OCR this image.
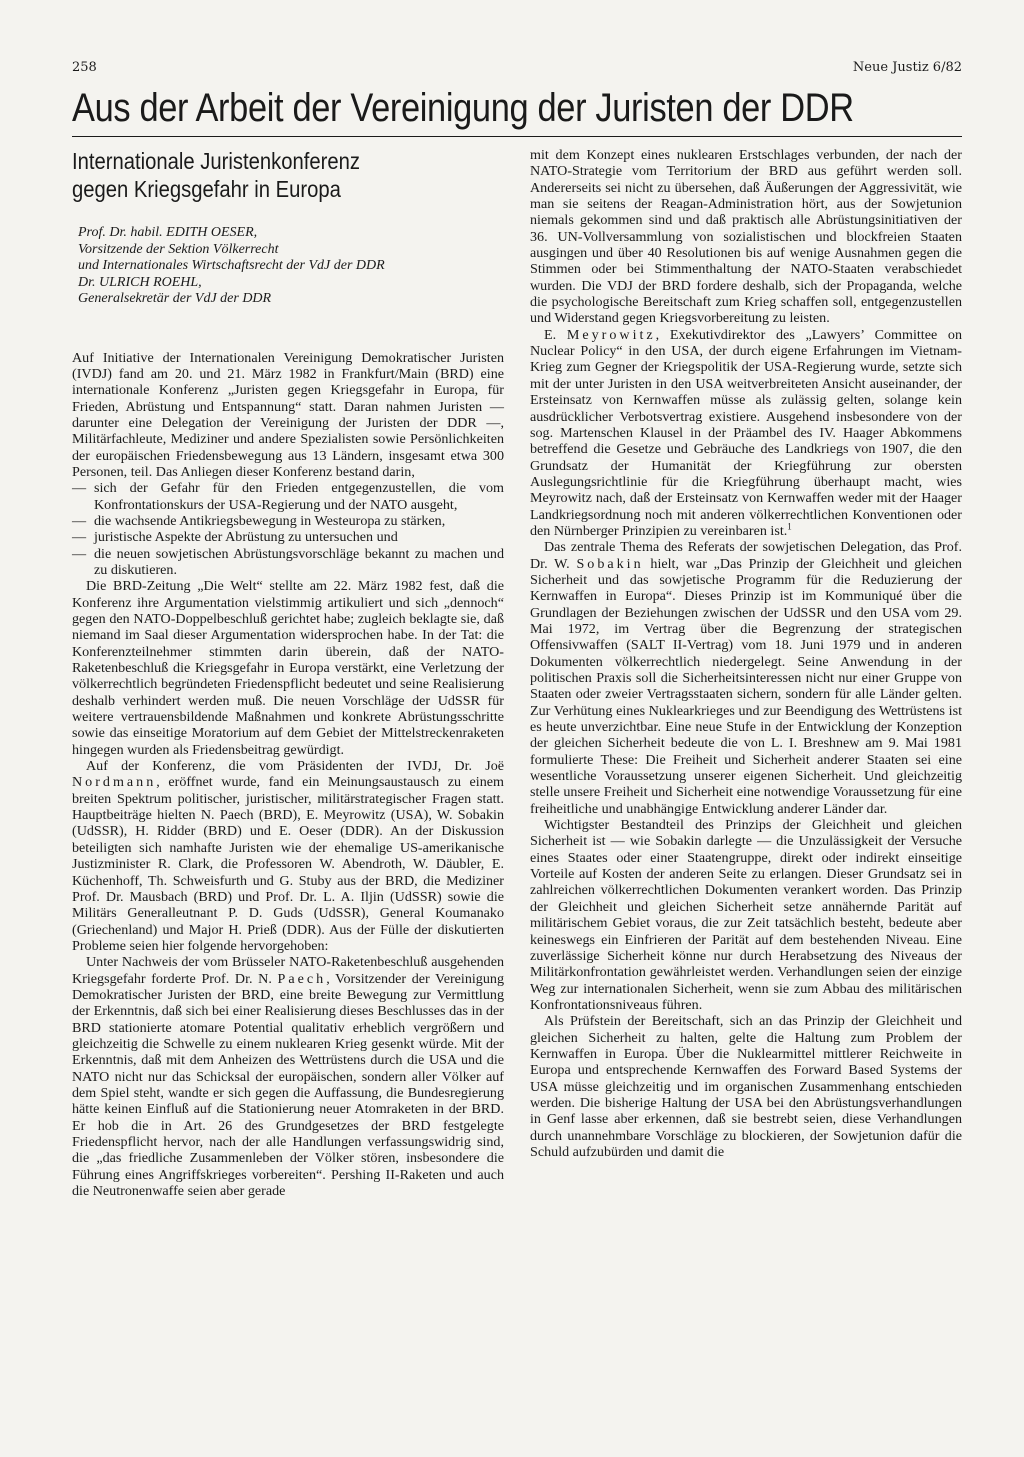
258	Neue Justiz 6/82
Aus der Arbeit der Vereinigung der Juristen der DDR
Internationale Juristenkonferenz
gegen Kriegsgefahr in Europa
Prof. Dr. habil. EDITH OESER,
Vorsitzende der Sektion Völkerrecht
und Internationales Wirtschaftsrecht der VdJ der DDR
Dr. ULRICH ROEHL,
Generalsekretär der VdJ der DDR

Auf Initiative der Internationalen Vereinigung Demokratischer Juristen (IVDJ) fand am 20. und 21. März 1982 in Frankfurt/Main (BRD) eine internationale Konferenz „Juristen gegen Kriegsgefahr in Europa, für Frieden, Abrüstung und Entspannung“ statt. Daran nahmen Juristen — darunter eine Delegation der Vereinigung der Juristen der DDR —, Militärfachleute, Mediziner und andere Spezialisten sowie Persönlichkeiten der europäischen Friedensbewegung aus 13 Ländern, insgesamt etwa 300 Personen, teil. Das Anliegen dieser Konferenz bestand darin,

— sich der Gefahr für den Frieden entgegenzustellen, die vom Konfrontationskurs der USA-Regierung und der NATO ausgeht,
— die wachsende Antikriegsbewegung in Westeuropa zu stärken,
— juristische Aspekte der Abrüstung zu untersuchen und
— die neuen sowjetischen Abrüstungsvorschläge bekannt zu machen und zu diskutieren.

Die BRD-Zeitung „Die Welt“ stellte am 22. März 1982 fest, daß die Konferenz ihre Argumentation vielstimmig artikuliert und sich „dennoch“ gegen den NATO-Doppelbeschluß gerichtet habe; zugleich beklagte sie, daß niemand im Saal dieser Argumentation widersprochen habe. In der Tat: die Konferenzteilnehmer stimmten darin überein, daß der NATO-Raketenbeschluß die Kriegsgefahr in Europa verstärkt, eine Verletzung der völkerrechtlich begründeten Friedenspflicht bedeutet und seine Realisierung deshalb verhindert werden muß. Die neuen Vorschläge der UdSSR für weitere vertrauensbildende Maßnahmen und konkrete Abrüstungsschritte sowie das einseitige Moratorium auf dem Gebiet der Mittelstreckenraketen hingegen wurden als Friedensbeitrag gewürdigt.

Auf der Konferenz, die vom Präsidenten der IVDJ, Dr. Joë Nordmann, eröffnet wurde, fand ein Meinungsaustausch zu einem breiten Spektrum politischer, juristischer, militärstrategischer Fragen statt. Hauptbeiträge hielten N. Paech (BRD), E. Meyrowitz (USA), W. Sobakin (UdSSR), H. Ridder (BRD) und E. Oeser (DDR). An der Diskussion beteiligten sich namhafte Juristen wie der ehemalige US-amerikanische Justizminister R. Clark, die Professoren W. Abendroth, W. Däubler, E. Küchenhoff, Th. Schweisfurth und G. Stuby aus der BRD, die Mediziner Prof. Dr. Mausbach (BRD) und Prof. Dr. L. A. Iljin (UdSSR) sowie die Militärs Generalleutnant P. D. Guds (UdSSR), General Koumanako (Griechenland) und Major H. Prieß (DDR). Aus der Fülle der diskutierten Probleme seien hier folgende hervorgehoben:

Unter Nachweis der vom Brüsseler NATO-Raketenbeschluß ausgehenden Kriegsgefahr forderte Prof. Dr. N. Paech, Vorsitzender der Vereinigung Demokratischer Juristen der BRD, eine breite Bewegung zur Vermittlung der Erkenntnis, daß sich bei einer Realisierung dieses Beschlusses das in der BRD stationierte atomare Potential qualitativ erheblich vergrößern und gleichzeitig die Schwelle zu einem nuklearen Krieg gesenkt würde. Mit der Erkenntnis, daß mit dem Anheizen des Wettrüstens durch die USA und die NATO nicht nur das Schicksal der europäischen, sondern aller Völker auf dem Spiel steht, wandte er sich gegen die Auffassung, die Bundesregierung hätte keinen Einfluß auf die Stationierung neuer Atomraketen in der BRD. Er hob die in Art. 26 des Grundgesetzes der BRD festgelegte Friedenspflicht hervor, nach der alle Handlungen verfassungswidrig sind, die „das friedliche Zusammenleben der Völker stören, insbesondere die Führung eines Angriffskrieges vorbereiten“. Pershing II-Raketen und auch die Neutronenwaffe seien aber gerade

mit dem Konzept eines nuklearen Erstschlages verbunden, der nach der NATO-Strategie vom Territorium der BRD aus geführt werden soll. Andererseits sei nicht zu übersehen, daß Äußerungen der Aggressivität, wie man sie seitens der Reagan-Administration hört, aus der Sowjetunion niemals gekommen sind und daß praktisch alle Abrüstungsinitiativen der 36. UN-Vollversammlung von sozialistischen und blockfreien Staaten ausgingen und über 40 Resolutionen bis auf wenige Ausnahmen gegen die Stimmen oder bei Stimmenthaltung der NATO-Staaten verabschiedet wurden. Die VDJ der BRD fordere deshalb, sich der Propaganda, welche die psychologische Bereitschaft zum Krieg schaffen soll, entgegenzustellen und Widerstand gegen Kriegsvorbereitung zu leisten.

E. Meyrowitz, Exekutivdirektor des „Lawyers’ Committee on Nuclear Policy“ in den USA, der durch eigene Erfahrungen im Vietnam-Krieg zum Gegner der Kriegspolitik der USA-Regierung wurde, setzte sich mit der unter Juristen in den USA weitverbreiteten Ansicht auseinander, der Ersteinsatz von Kernwaffen müsse als zulässig gelten, solange kein ausdrücklicher Verbotsvertrag existiere. Ausgehend insbesondere von der sog. Martenschen Klausel in der Präambel des IV. Haager Abkommens betreffend die Gesetze und Gebräuche des Landkriegs von 1907, die den Grundsatz der Humanität der Kriegführung zur obersten Auslegungsrichtlinie für die Kriegführung überhaupt macht, wies Meyrowitz nach, daß der Ersteinsatz von Kernwaffen weder mit der Haager Landkriegsordnung noch mit anderen völkerrechtlichen Konventionen oder den Nürnberger Prinzipien zu vereinbaren ist.$^1$

Das zentrale Thema des Referats der sowjetischen Delegation, das Prof. Dr. W. Sobakin hielt, war „Das Prinzip der Gleichheit und gleichen Sicherheit und das sowjetische Programm für die Reduzierung der Kernwaffen in Europa“. Dieses Prinzip ist im Kommuniqué über die Grundlagen der Beziehungen zwischen der UdSSR und den USA vom 29. Mai 1972, im Vertrag über die Begrenzung der strategischen Offensivwaffen (SALT II-Vertrag) vom 18. Juni 1979 und in anderen Dokumenten völkerrechtlich niedergelegt. Seine Anwendung in der politischen Praxis soll die Sicherheitsinteressen nicht nur einer Gruppe von Staaten oder zweier Vertragsstaaten sichern, sondern für alle Länder gelten. Zur Verhütung eines Nuklearkrieges und zur Beendigung des Wettrüstens ist es heute unverzichtbar. Eine neue Stufe in der Entwicklung der Konzeption der gleichen Sicherheit bedeute die von L. I. Breshnew am 9. Mai 1981 formulierte These: Die Freiheit und Sicherheit anderer Staaten sei eine wesentliche Voraussetzung unserer eigenen Sicherheit. Und gleichzeitig stelle unsere Freiheit und Sicherheit eine notwendige Voraussetzung für eine freiheitliche und unabhängige Entwicklung anderer Länder dar.

Wichtigster Bestandteil des Prinzips der Gleichheit und gleichen Sicherheit ist — wie Sobakin darlegte — die Unzulässigkeit der Versuche eines Staates oder einer Staatengruppe, direkt oder indirekt einseitige Vorteile auf Kosten der anderen Seite zu erlangen. Dieser Grundsatz sei in zahlreichen völkerrechtlichen Dokumenten verankert worden. Das Prinzip der Gleichheit und gleichen Sicherheit setze annähernde Parität auf militärischem Gebiet voraus, die zur Zeit tatsächlich besteht, bedeute aber keineswegs ein Einfrieren der Parität auf dem bestehenden Niveau. Eine zuverlässige Sicherheit könne nur durch Herabsetzung des Niveaus der Militärkonfrontation gewährleistet werden. Verhandlungen seien der einzige Weg zur internationalen Sicherheit, wenn sie zum Abbau des militärischen Konfrontationsniveaus führen.

Als Prüfstein der Bereitschaft, sich an das Prinzip der Gleichheit und gleichen Sicherheit zu halten, gelte die Haltung zum Problem der Kernwaffen in Europa. Über die Nuklearmittel mittlerer Reichweite in Europa und entsprechende Kernwaffen des Forward Based Systems der USA müsse gleichzeitig und im organischen Zusammenhang entschieden werden. Die bisherige Haltung der USA bei den Abrüstungsverhandlungen in Genf lasse aber erkennen, daß sie bestrebt seien, diese Verhandlungen durch unannehmbare Vorschläge zu blockieren, der Sowjetunion dafür die Schuld aufzubürden und damit die
